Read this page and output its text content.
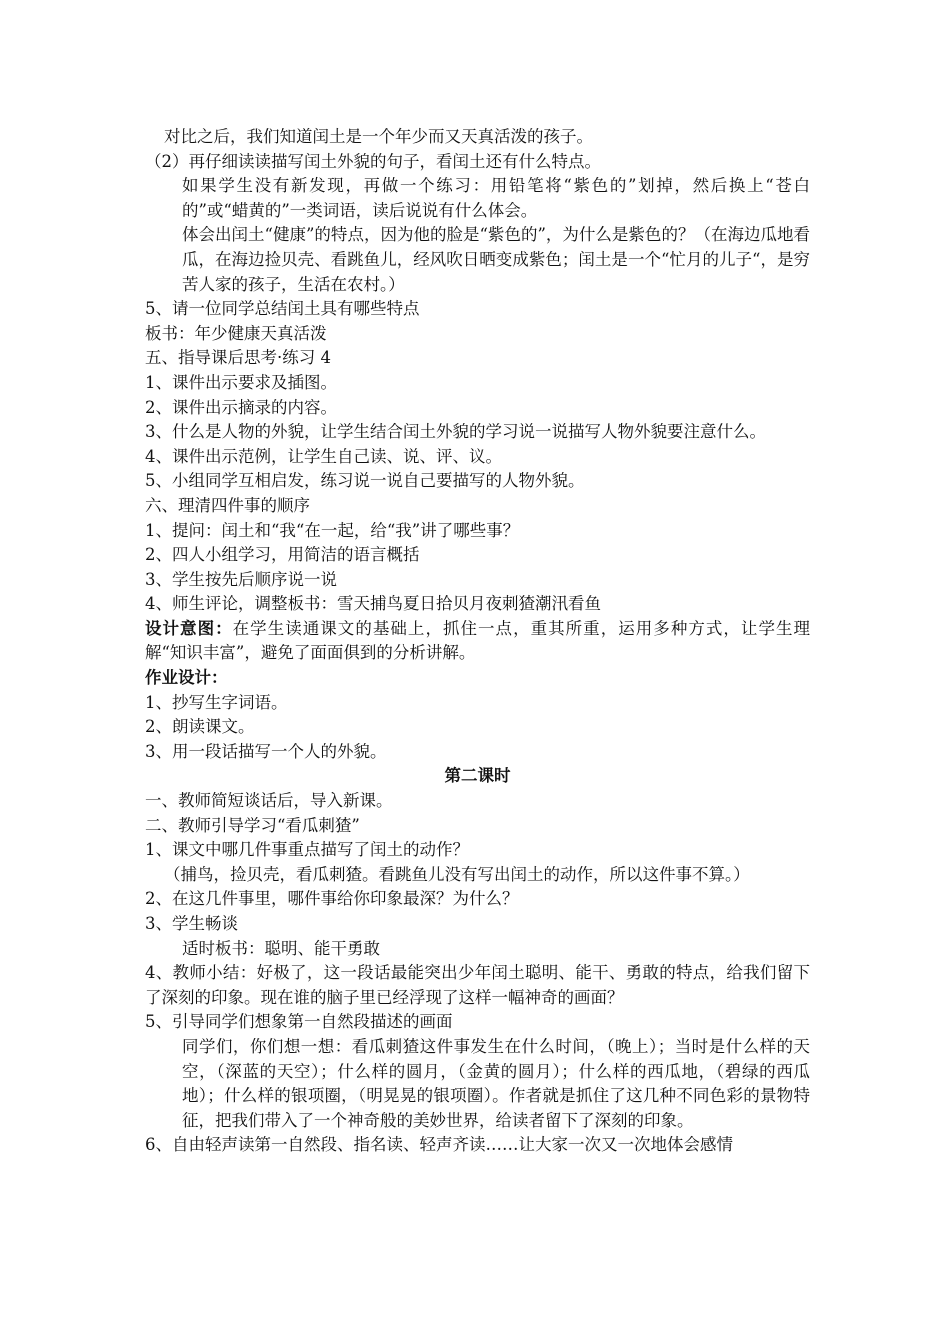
对比之后，我们知道闰土是一个年少而又天真活泼的孩子。

（2）再仔细读读描写闰土外貌的句子，看闰土还有什么特点。

如果学生没有新发现，再做一个练习：用铅笔将“紫色的”划掉，然后换上“苍白的”或“蜡黄的”一类词语，读后说说有什么体会。

体会出闰土“健康”的特点，因为他的脸是“紫色的”，为什么是紫色的？（在海边瓜地看瓜，在海边捡贝壳、看跳鱼儿，经风吹日晒变成紫色；闰土是一个“忙月的儿子“，是穷苦人家的孩子，生活在农村。）

5、请一位同学总结闰土具有哪些特点

板书：年少健康天真活泼

五、指导课后思考·练习 4

1、课件出示要求及插图。

2、课件出示摘录的内容。

3、什么是人物的外貌，让学生结合闰土外貌的学习说一说描写人物外貌要注意什么。

4、课件出示范例，让学生自己读、说、评、议。

5、小组同学互相启发，练习说一说自己要描写的人物外貌。

六、理清四件事的顺序

1、提问：闰土和“我“在一起，给“我”讲了哪些事？

2、四人小组学习，用简洁的语言概括

3、学生按先后顺序说一说

4、师生评论，调整板书：雪天捕鸟夏日拾贝月夜刺猹潮汛看鱼

设计意图：在学生读通课文的基础上，抓住一点，重其所重，运用多种方式，让学生理解“知识丰富”，避免了面面俱到的分析讲解。

作业设计：

1、抄写生字词语。

2、朗读课文。

3、用一段话描写一个人的外貌。

第二课时

一、教师简短谈话后，导入新课。

二、教师引导学习“看瓜刺猹”

1、课文中哪几件事重点描写了闰土的动作？

（捕鸟，捡贝壳，看瓜刺猹。看跳鱼儿没有写出闰土的动作，所以这件事不算。）

2、在这几件事里，哪件事给你印象最深？为什么？

3、学生畅谈

适时板书：聪明、能干勇敢

4、教师小结：好极了，这一段话最能突出少年闰土聪明、能干、勇敢的特点，给我们留下了深刻的印象。现在谁的脑子里已经浮现了这样一幅神奇的画面？

5、引导同学们想象第一自然段描述的画面

同学们，你们想一想：看瓜刺猹这件事发生在什么时间，（晚上）；当时是什么样的天空，（深蓝的天空）；什么样的圆月，（金黄的圆月）；什么样的西瓜地，（碧绿的西瓜地）；什么样的银项圈，（明晃晃的银项圈）。作者就是抓住了这几种不同色彩的景物特征，把我们带入了一个神奇般的美妙世界，给读者留下了深刻的印象。

6、自由轻声读第一自然段、指名读、轻声齐读……让大家一次又一次地体会感情
